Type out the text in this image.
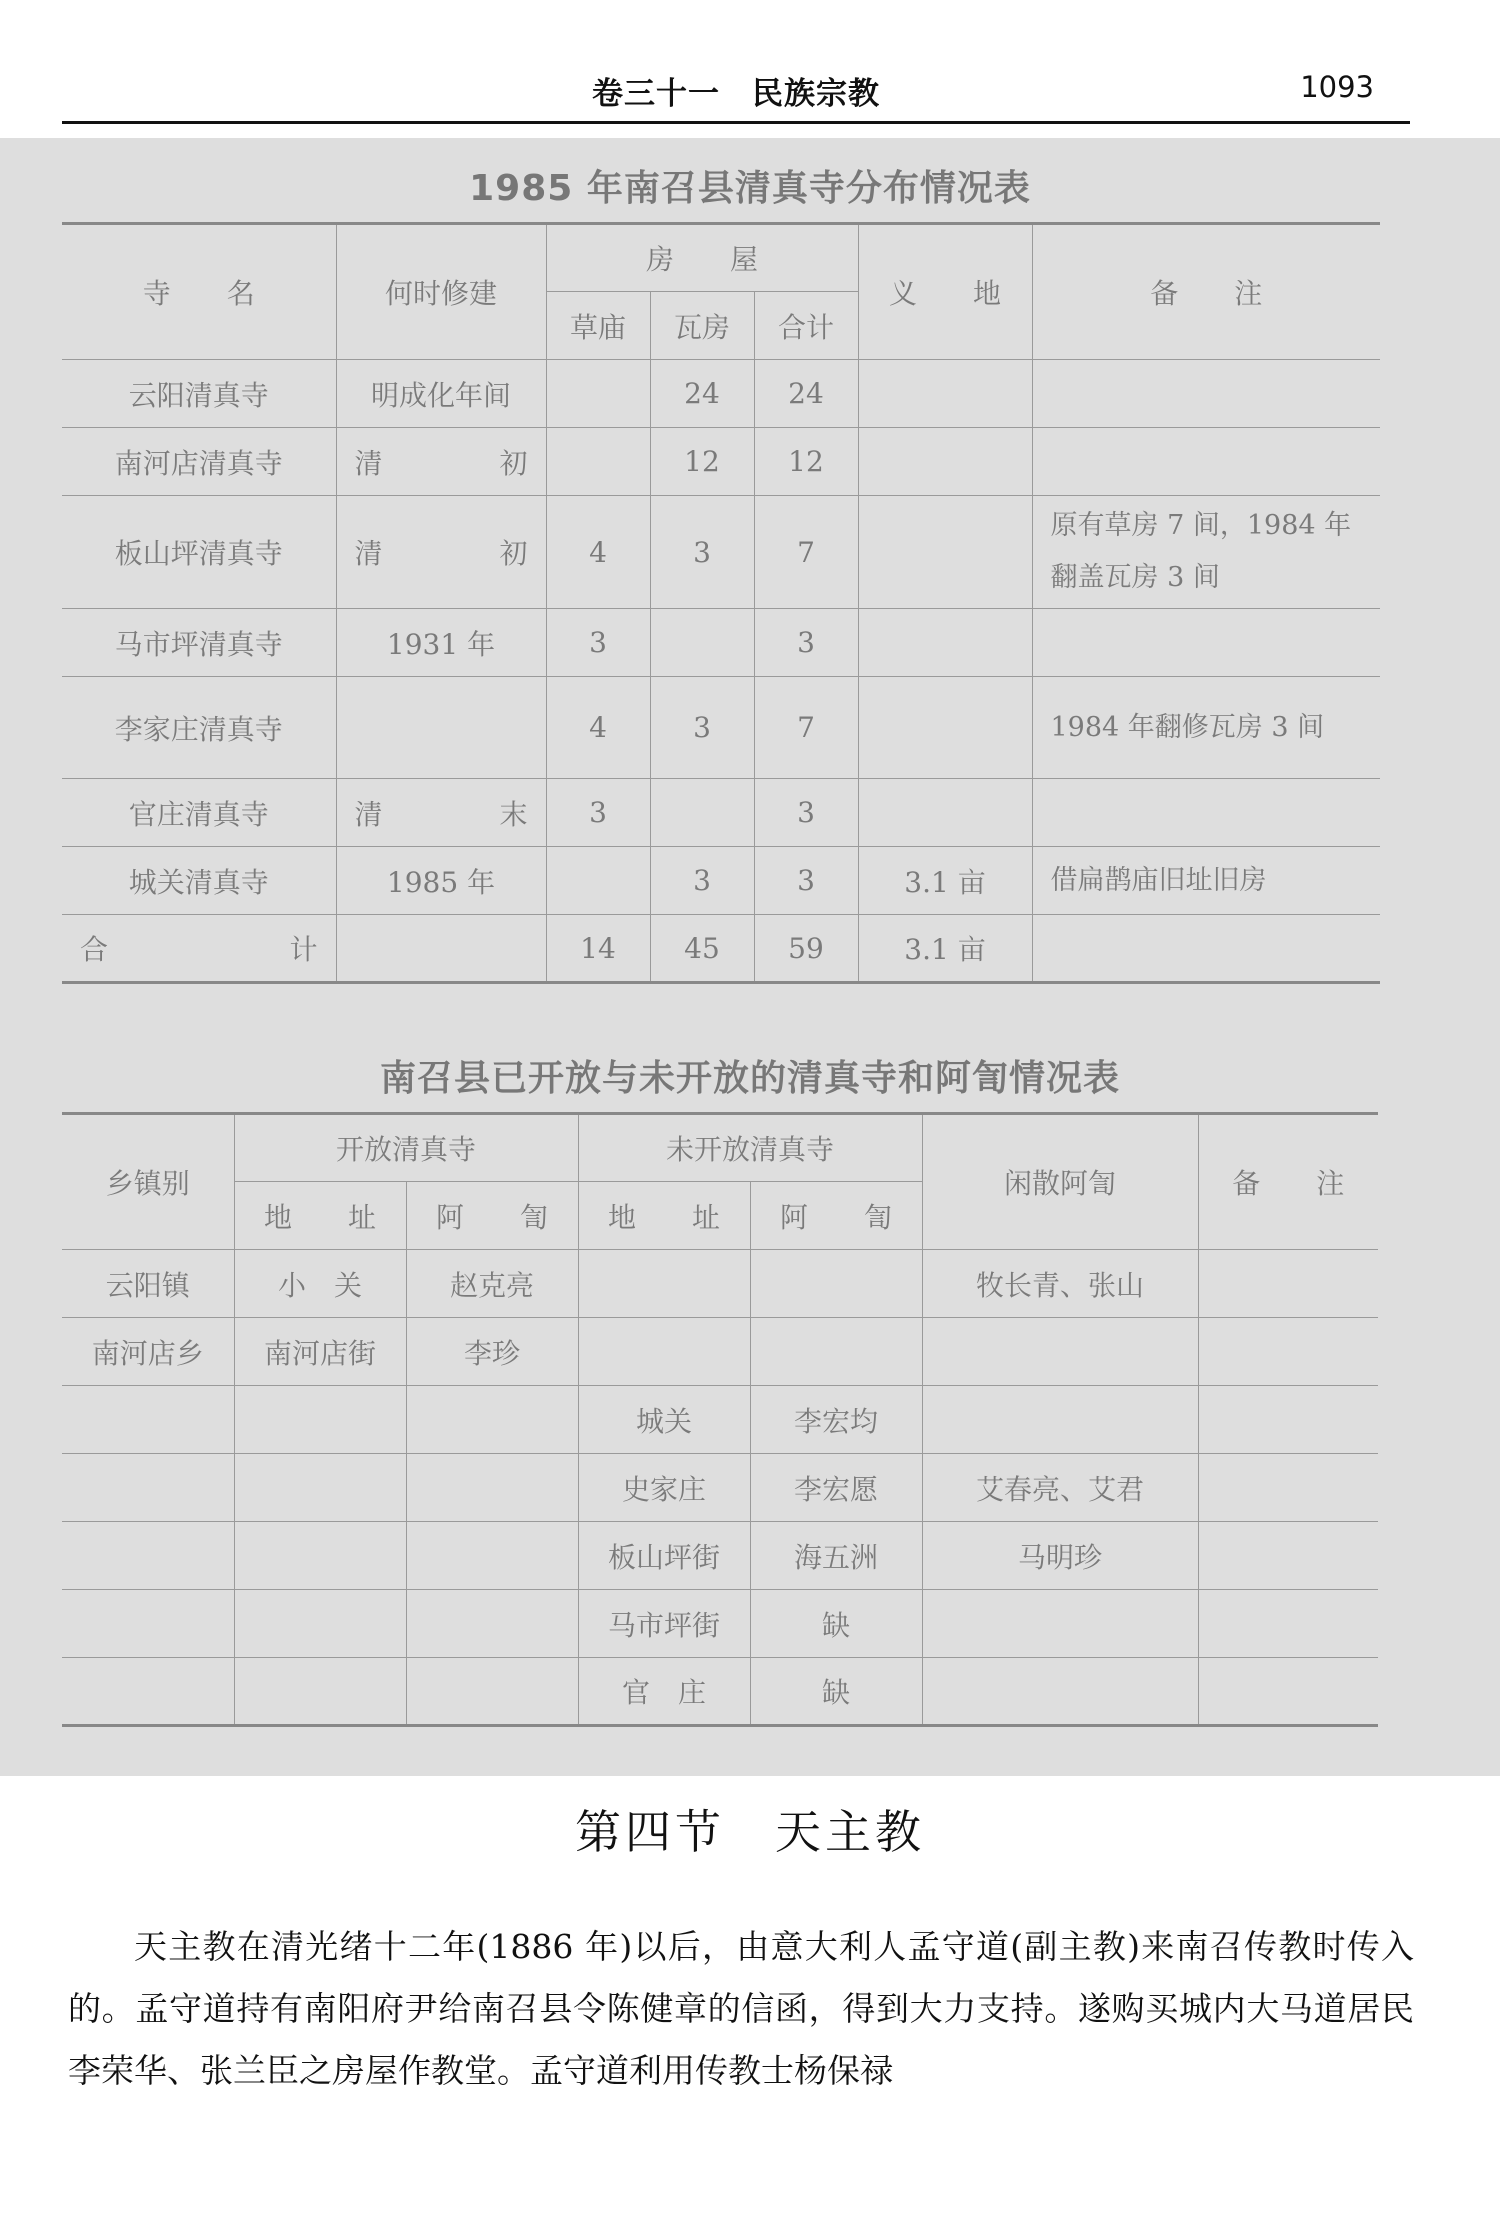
卷三十一　民族宗教	1093
1985 年南召县清真寺分布情况表
寺　　名	何时修建	房　　屋			义　　地	备　　注
		草庙	瓦房	合计		
云阳清真寺	明成化年间		24	24		
南河店清真寺	清　初		12	12		
板山坪清真寺	清　初	4	3	7		原有草房 7 间，1984 年翻盖瓦房 3 间
马市坪清真寺	1931 年	3		3		
李家庄清真寺		4	3	7		1984 年翻修瓦房 3 间
官庄清真寺	清　末	3		3		
城关清真寺	1985 年		3	3	3.1 亩	借扁鹊庙旧址旧房
合　计		14	45	59	3.1 亩	
南召县已开放与未开放的清真寺和阿訇情况表
乡镇别	开放清真寺		未开放清真寺		闲散阿訇	备　　注
	地　　址	阿　　訇	地　　址	阿　　訇		
云阳镇	小　关	赵克亮			牧长青、张山	
南河店乡	南河店街	李珍				
			城关	李宏均		
			史家庄	李宏愿	艾春亮、艾君	
			板山坪街	海五洲	马明珍	
			马市坪街	缺		
			官　庄	缺		
第四节　天主教

天主教在清光绪十二年(1886 年)以后，由意大利人孟守道(副主教)来南召传教时传入的。孟守道持有南阳府尹给南召县令陈健章的信函，得到大力支持。遂购买城内大马道居民李荣华、张兰臣之房屋作教堂。孟守道利用传教士杨保禄
